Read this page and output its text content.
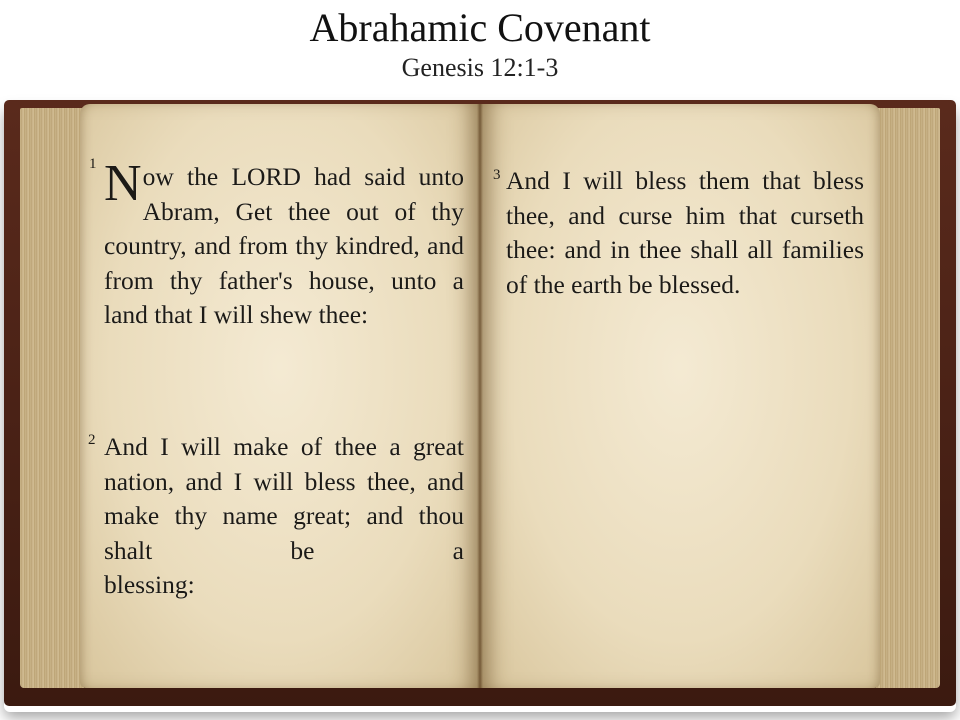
Abrahamic Covenant
Genesis 12:1-3
1 Now the LORD had said unto Abram, Get thee out of thy country, and from thy kindred, and from thy father's house, unto a land that I will shew thee:
2 And I will make of thee a great nation, and I will bless thee, and make thy name great; and thou shalt be a
blessing:
3 And I will bless them that bless thee, and curse him that curseth thee: and in thee shall all families of the earth be blessed.
